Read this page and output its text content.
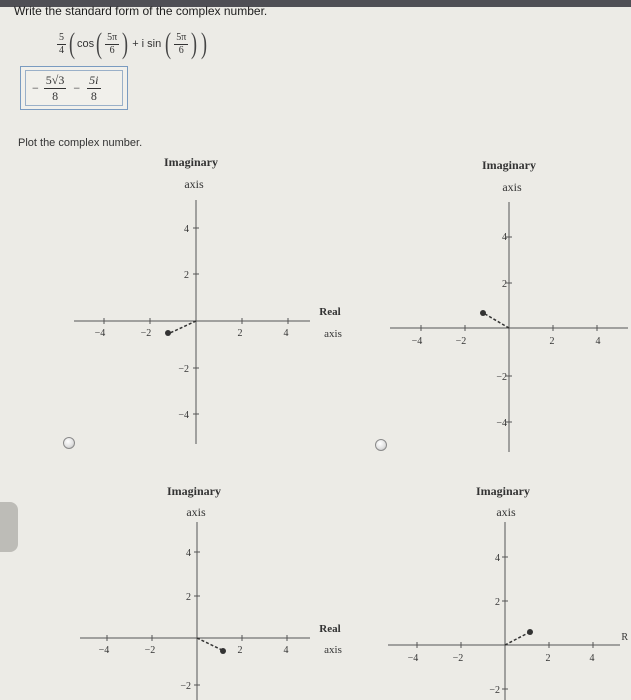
Write the standard form of the complex number.
$\frac{5}{4}$ ( cos ( $\frac{5\pi}{6}$ ) + i sin ( $\frac{5\pi}{6}$ ) )
− $\frac{5√3}{8} - \frac{5i}{8}$
Plot the complex number.
Imaginary
axis
Real
axis
−4	−2	2	4
4
2
−2
−4
Imaginary
axis
−4	−2	2	4
4
2
−2
−4
Imaginary
axis
Real
axis
−4	−2	2	4
4
2
−2
Imaginary
axis
−4	−2	2	4
4
2
−2
R
